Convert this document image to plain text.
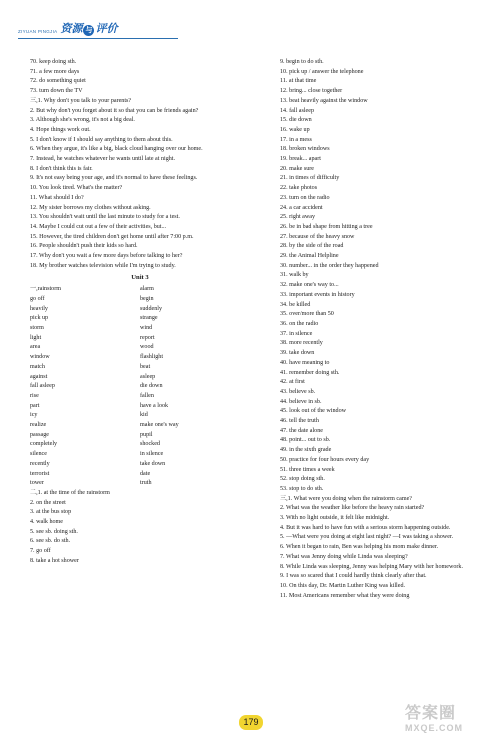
ZIYUAN PINGJIA 资源 与 评价
70. keep doing sth.
71. a few more days
72. do something quiet
73. turn down the TV
三,1. Why don't you talk to your parents?
2. But why don't you forget about it so that you can be friends again?
3. Although she's wrong, it's not a big deal.
4. Hope things work out.
5. I don't know if I should say anything to them about this.
6. When they argue, it's like a big, black cloud hanging over our home.
7. Instead, he watches whatever he wants until late at night.
8. I don't think this is fair.
9. It's not easy being your age, and it's normal to have these feelings.
10. You look tired. What's the matter?
11. What should I do?
12. My sister borrows my clothes without asking.
13. You shouldn't wait until the last minute to study for a test.
14. Maybe I could cut out a few of their activities, but...
15. However, the tired children don't get home until after 7:00 p.m.
16. People shouldn't push their kids so hard.
17. Why don't you wait a few more days before talking to her?
18. My brother watches television while I'm trying to study.
Unit 3
一,rainstorm	alarm
go off	begin
heavily	suddenly
pick up	strange
storm	wind
light	report
area	wood
window	flashlight
match	beat
against	asleep
fall asleep	die down
rise	fallen
part	have a look
icy	kid
realize	make one's way
passage	pupil
completely	shocked
silence	in silence
recently	take down
terrorist	date
tower	truth
二,1. at the time of the rainstorm
2. on the street
3. at the bus stop
4. walk home
5. see sb. doing sth.
6. see sb. do sth.
7. go off
8. take a hot shower
9. begin to do sth.
10. pick up / answer the telephone
11. at that time
12. bring... close together
13. beat heavily against the window
14. fall asleep
15. die down
16. wake up
17. in a mess
18. broken windows
19. break... apart
20. make sure
21. in times of difficulty
22. take photos
23. turn on the radio
24. a car accident
25. right away
26. be in bad shape from hitting a tree
27. because of the heavy snow
28. by the side of the road
29. the Animal Helpline
30. number... in the order they happened
31. walk by
32. make one's way to...
33. important events in history
34. be killed
35. over/more than 50
36. on the radio
37. in silence
38. more recently
39. take down
40. have meaning to
41. remember doing sth.
42. at first
43. believe sb.
44. believe in sb.
45. look out of the window
46. tell the truth
47. the date alone
48. point... out to sb.
49. in the sixth grade
50. practice for four hours every day
51. three times a week
52. stop doing sth.
53. stop to do sth.
三,1. What were you doing when the rainstorm came?
2. What was the weather like before the heavy rain started?
3. With no light outside, it felt like midnight.
4. But it was hard to have fun with a serious storm happening outside.
5. —What were you doing at eight last night? —I was taking a shower.
6. When it began to rain, Ben was helping his mom make dinner.
7. What was Jenny doing while Linda was sleeping?
8. While Linda was sleeping, Jenny was helping Mary with her homework.
9. I was so scared that I could hardly think clearly after that.
10. On this day, Dr. Martin Luther King was killed.
11. Most Americans remember what they were doing
179	答案圈
MXQE.COM
